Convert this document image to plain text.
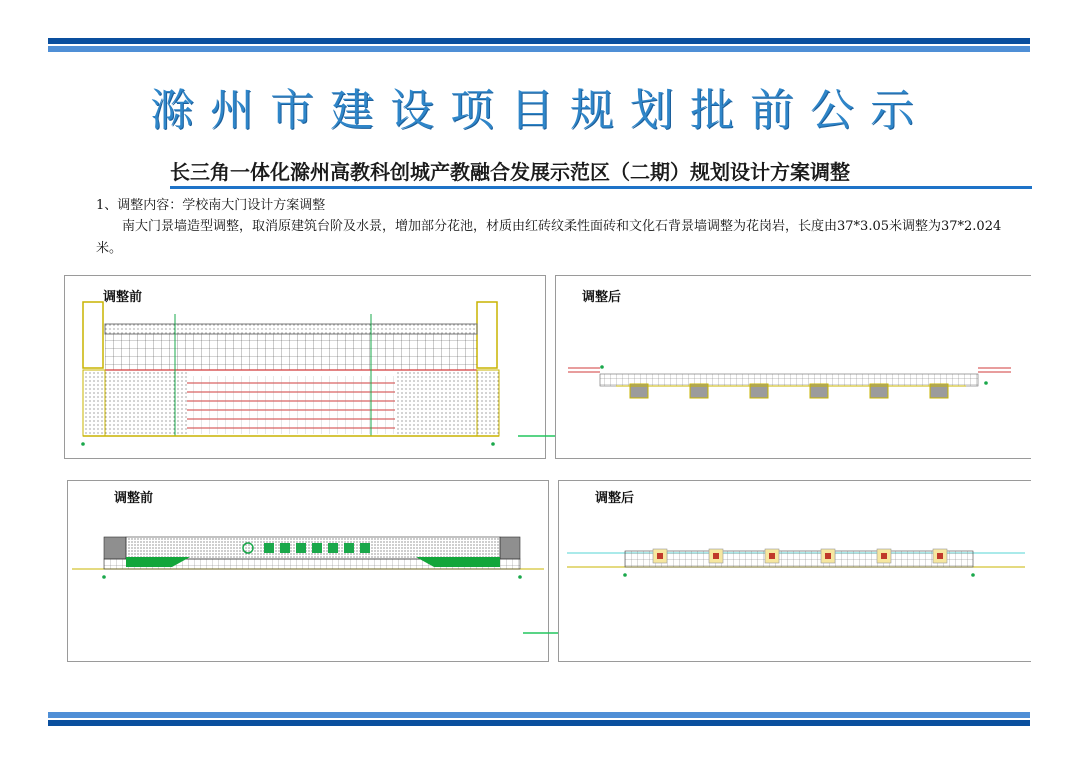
滁州市建设项目规划批前公示
长三角一体化滁州高教科创城产教融合发展示范区（二期）规划设计方案调整
1、调整内容：学校南大门设计方案调整
南大门景墙造型调整，取消原建筑台阶及水景，增加部分花池，材质由红砖纹柔性面砖和文化石背景墙调整为花岗岩，长度由37*3.05米调整为37*2.024米。
调整前	调整后
调整前	调整后
